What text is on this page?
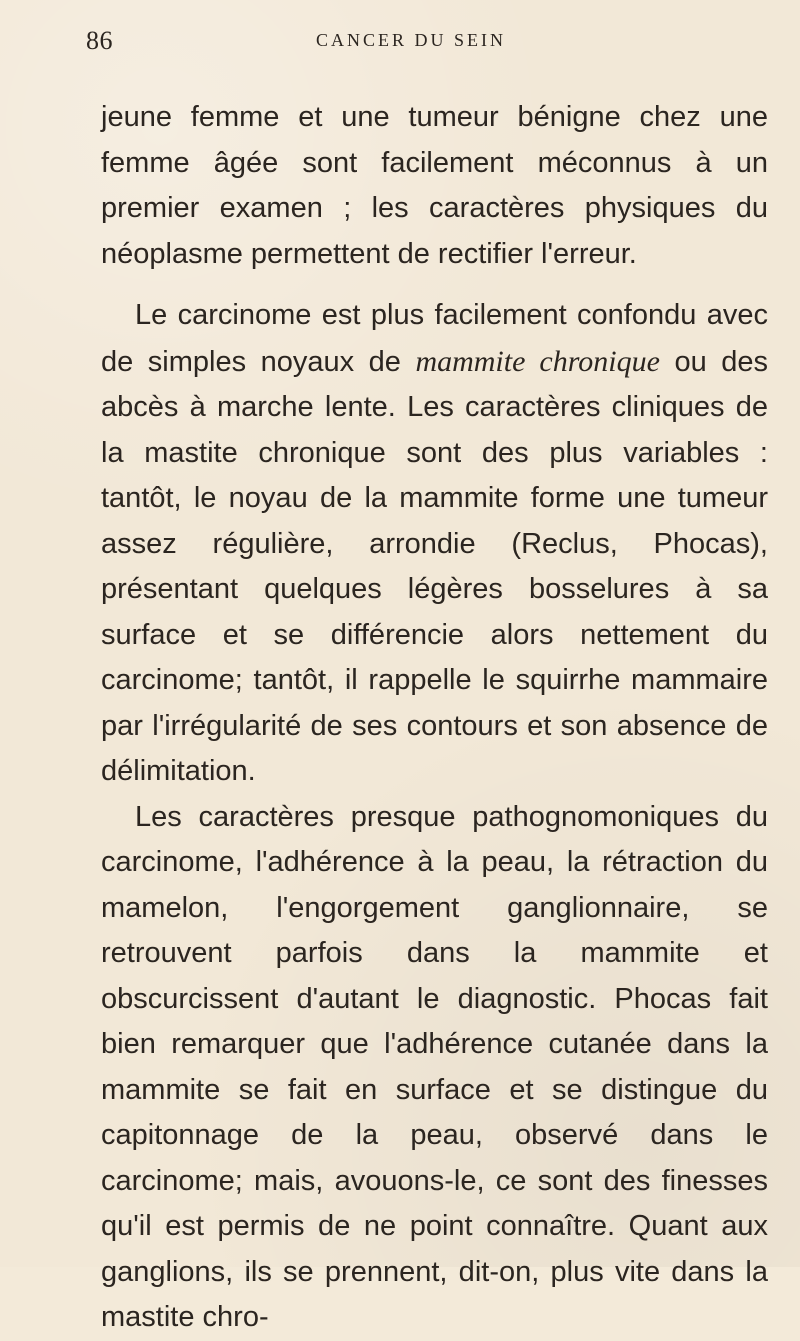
86	CANCER DU SEIN

jeune femme et une tumeur bénigne chez une femme âgée sont facilement méconnus à un premier examen ; les caractères physiques du néoplasme permettent de rectifier l'erreur.

Le carcinome est plus facilement confondu avec de simples noyaux de mammite chronique ou des abcès à marche lente. Les caractères cliniques de la mastite chronique sont des plus variables : tantôt, le noyau de la mammite forme une tumeur assez régulière, arrondie (Reclus, Phocas), présentant quelques légères bosselures à sa surface et se différencie alors nettement du carcinome; tantôt, il rappelle le squirrhe mammaire par l'irrégularité de ses contours et son absence de délimitation.

Les caractères presque pathognomoniques du carcinome, l'adhérence à la peau, la rétraction du mamelon, l'engorgement ganglionnaire, se retrouvent parfois dans la mammite et obscurcissent d'autant le diagnostic. Phocas fait bien remarquer que l'adhérence cutanée dans la mammite se fait en surface et se distingue du capitonnage de la peau, observé dans le carcinome; mais, avouons-le, ce sont des finesses qu'il est permis de ne point connaître. Quant aux ganglions, ils se prennent, dit-on, plus vite dans la mastite chro-
